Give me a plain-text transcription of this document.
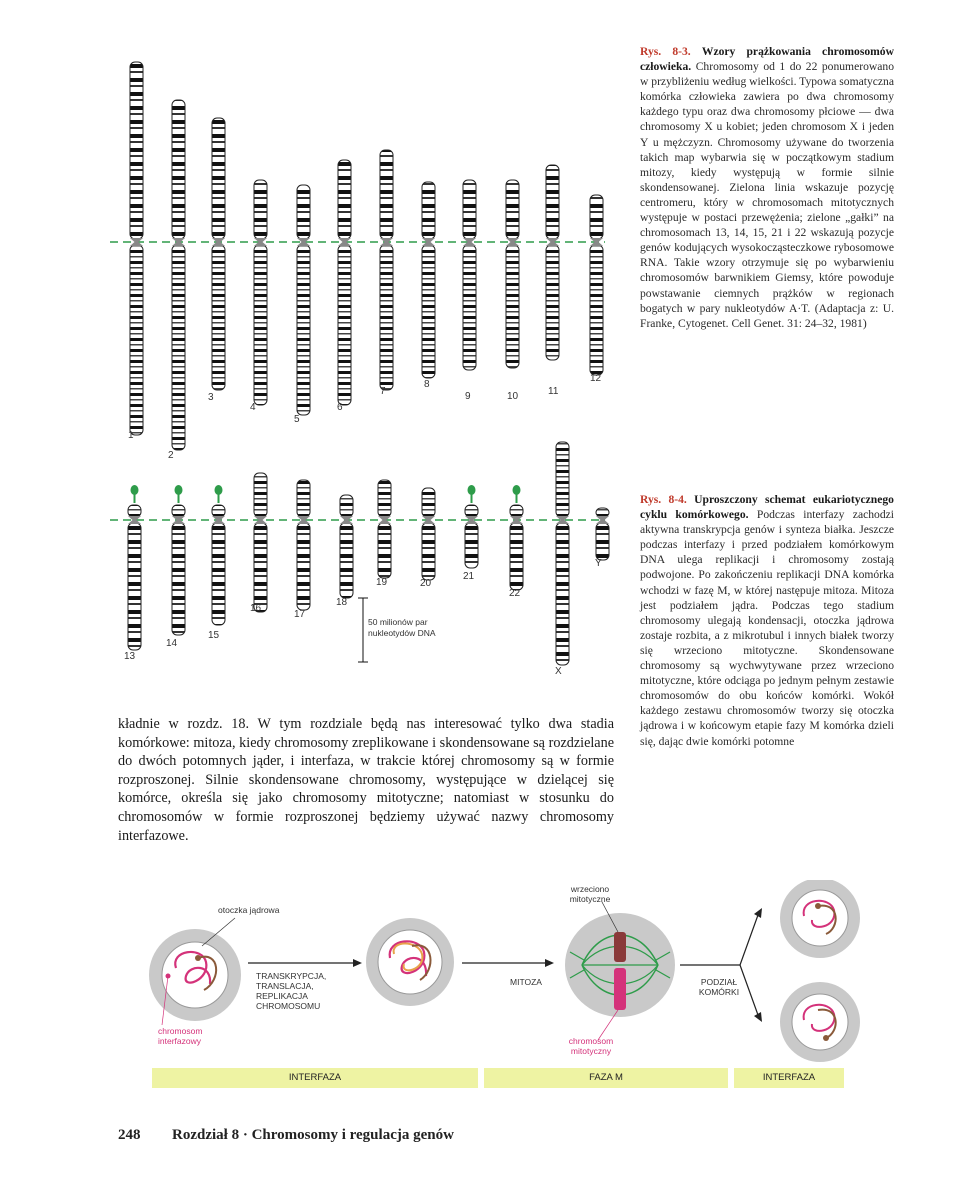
50 milionów par nukleotydów DNA
1
2
3
4
5
6
7
8
9	10	11
12
13
14
15
16
17
18
19	20
21
22
X
Y
Rys. 8-3. Wzory prążkowania chromosomów człowieka. Chromosomy od 1 do 22 ponumerowano w przybliżeniu według wielkości. Typowa somatyczna komórka człowieka zawiera po dwa chromosomy każdego typu oraz dwa chromosomy płciowe — dwa chromosomy X u kobiet; jeden chromosom X i jeden Y u mężczyzn. Chromosomy używane do tworzenia takich map wybarwia się w początkowym stadium mitozy, kiedy występują w formie silnie skondensowanej. Zielona linia wskazuje pozycję centromeru, który w chromosomach mitotycznych występuje w postaci przewężenia; zielone „gałki” na chromosomach 13, 14, 15, 21 i 22 wskazują pozycje genów kodujących wysokocząsteczkowe rybosomowe RNA. Takie wzory otrzymuje się po wybarwieniu chromosomów barwnikiem Giemsy, które powoduje powstawanie ciemnych prążków w regionach bogatych w pary nukleotydów A·T. (Adaptacja z: U. Franke, Cytogenet. Cell Genet. 31: 24–32, 1981)
Rys. 8-4. Uproszczony schemat eukariotycznego cyklu komórkowego. Podczas interfazy zachodzi aktywna transkrypcja genów i synteza białka. Jeszcze podczas interfazy i przed podziałem komórkowym DNA ulega replikacji i chromosomy zostają podwojone. Po zakończeniu replikacji DNA komórka wchodzi w fazę M, w której następuje mitoza. Mitoza jest podziałem jądra. Podczas tego stadium chromosomy ulegają kondensacji, otoczka jądrowa zostaje rozbita, a z mikrotubul i innych białek tworzy się wrzeciono mitotyczne. Skondensowane chromosomy są wychwytywane przez wrzeciono mitotyczne, które odciąga po jednym pełnym zestawie chromosomów do obu końców komórki. Wokół każdego zestawu chromosomów tworzy się otoczka jądrowa i w końcowym etapie fazy M komórka dzieli się, dając dwie komórki potomne
kładnie w rozdz. 18. W tym rozdziale będą nas interesować tylko dwa stadia komórkowe: mitoza, kiedy chromosomy zreplikowane i skondensowane są rozdzielane do dwóch potomnych jąder, i interfaza, w trakcie której chromosomy są w formie rozproszonej. Silnie skondensowane chromosomy, występujące w dzielącej się komórce, określa się jako chromosomy mitotyczne; natomiast w stosunku do chromosomów w formie rozproszonej będziemy używać nazwy chromosomy interfazowe.
otoczka jądrowa
chromosom interfazowy
TRANSKRYPCJA, TRANSLACJA, REPLIKACJA CHROMOSOMU
MITOZA
wrzeciono mitotyczne
chromosom mitotyczny
PODZIAŁ KOMÓRKI
INTERFAZA	FAZA M	INTERFAZA
248 Rozdział 8 · Chromosomy i regulacja genów
